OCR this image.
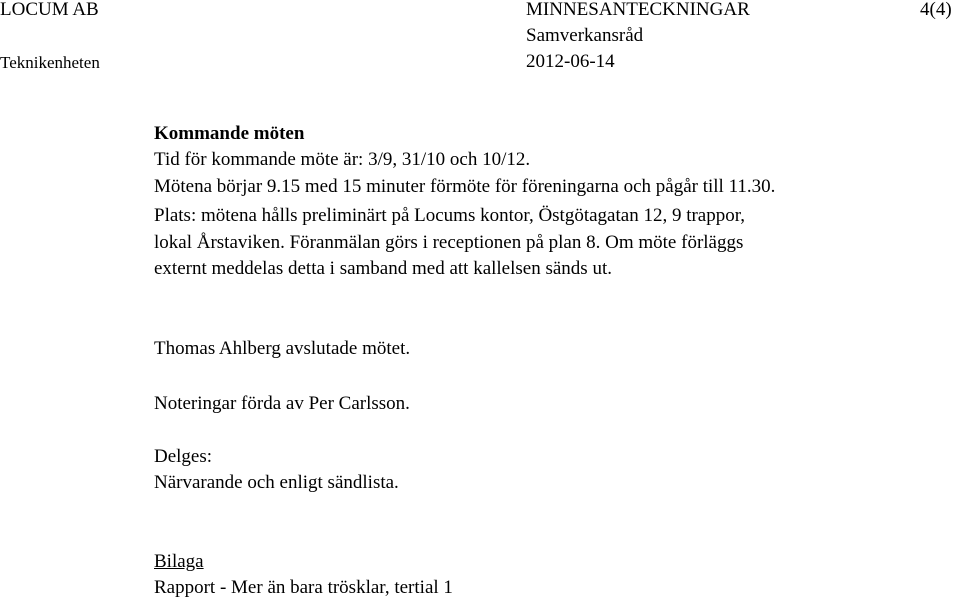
LOCUM AB	MINNESANTECKNINGAR	4(4)
Samverkansråd
Teknikenheten	2012-06-14
Kommande möten

Tid för kommande möte är: 3/9, 31/10 och 10/12.

Mötena börjar 9.15 med 15 minuter förmöte för föreningarna och pågår till 11.30.

Plats: mötena hålls preliminärt på Locums kontor, Östgötagatan 12, 9 trappor,

lokal Årstaviken. Föranmälan görs i receptionen på plan 8. Om möte förläggs

externt meddelas detta i samband med att kallelsen sänds ut.

Thomas Ahlberg avslutade mötet.

Noteringar förda av Per Carlsson.

Delges:

Närvarande och enligt sändlista.

Bilaga

Rapport - Mer än bara trösklar, tertial 1
